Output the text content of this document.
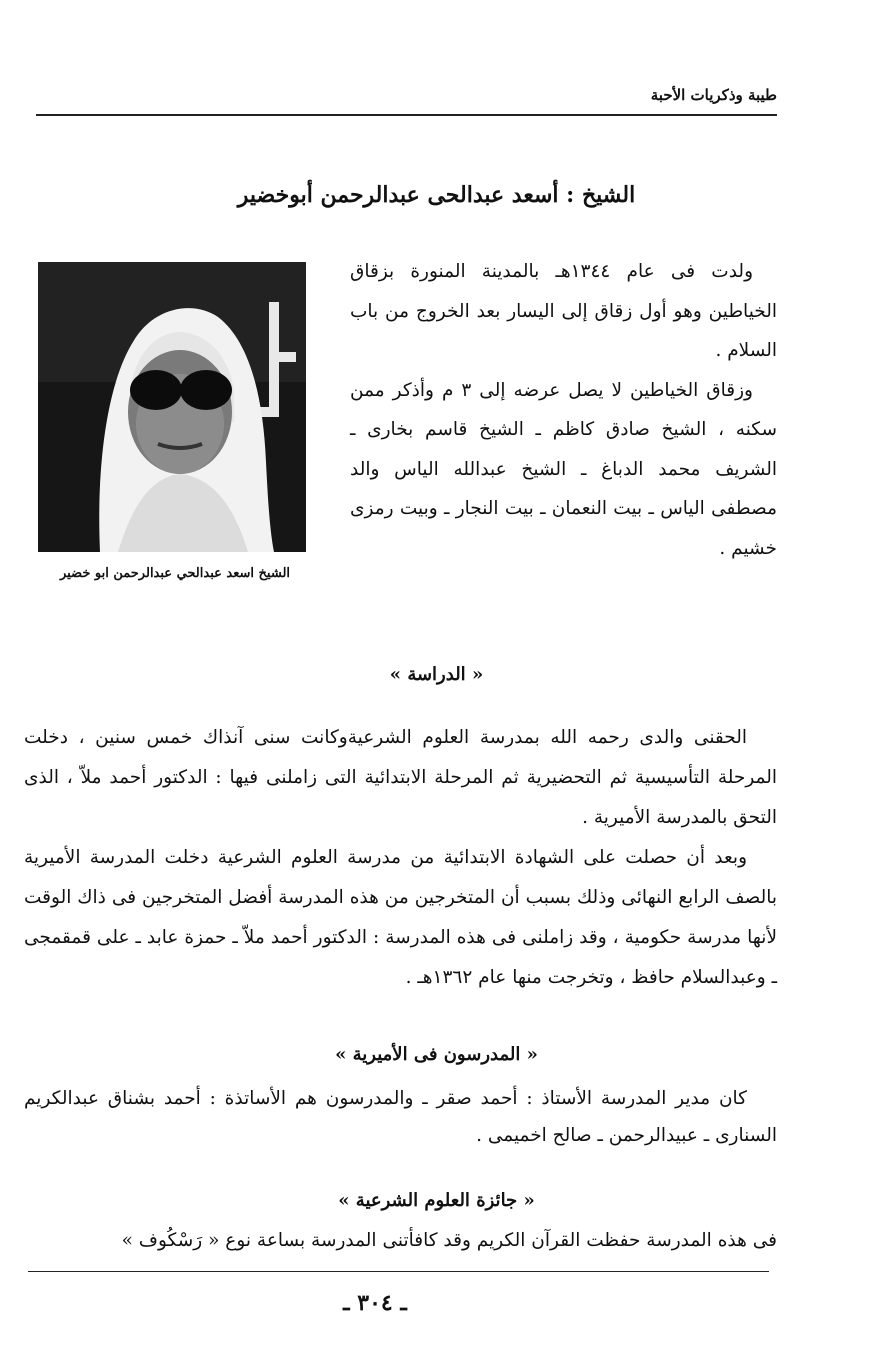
طيبة وذكريات الأحبة
الشيخ : أسعد عبدالحى عبدالرحمن أبوخضير

ولدت فى عام ١٣٤٤هـ بالمدينة المنورة بزقاق الخياطين وهو أول زقاق إلى اليسار بعد الخروج من باب السلام .

وزقاق الخياطين لا يصل عرضه إلى ٣ م وأذكر ممن سكنه ، الشيخ صادق كاظم ـ الشيخ قاسم بخارى ـ الشريف محمد الدباغ ـ الشيخ عبدالله الياس والد مصطفى الياس ـ بيت النعمان ـ بيت النجار ـ وبيت رمزى خشيم .

الشيخ اسعد عبدالحي عبدالرحمن ابو خضير
« الدراسة »

الحقنى والدى رحمه الله بمدرسة العلوم الشرعيةوكانت سنى آنذاك خمس سنين ، دخلت المرحلة التأسيسية ثم التحضيرية ثم المرحلة الابتدائية التى زاملنى فيها : الدكتور أحمد ملاّ ، الذى التحق بالمدرسة الأميرية .

وبعد أن حصلت على الشهادة الابتدائية من مدرسة العلوم الشرعية دخلت المدرسة الأميرية بالصف الرابع النهائى وذلك بسبب أن المتخرجين من هذه المدرسة أفضل المتخرجين فى ذاك الوقت لأنها مدرسة حكومية ، وقد زاملنى فى هذه المدرسة : الدكتور أحمد ملاّ ـ حمزة عابد ـ على قمقمجى ـ وعبدالسلام حافظ ، وتخرجت منها عام ١٣٦٢هـ .

« المدرسون فى الأميرية »

كان مدير المدرسة الأستاذ : أحمد صقر ـ والمدرسون هم الأساتذة : أحمد بشناق عبدالكريم السنارى ـ عبيدالرحمن ـ صالح اخميمى .

« جائزة العلوم الشرعية »

فى هذه المدرسة حفظت القرآن الكريم وقد كافأتنى المدرسة بساعة نوع « رَسْكُوف »

ـ ٣٠٤ ـ
